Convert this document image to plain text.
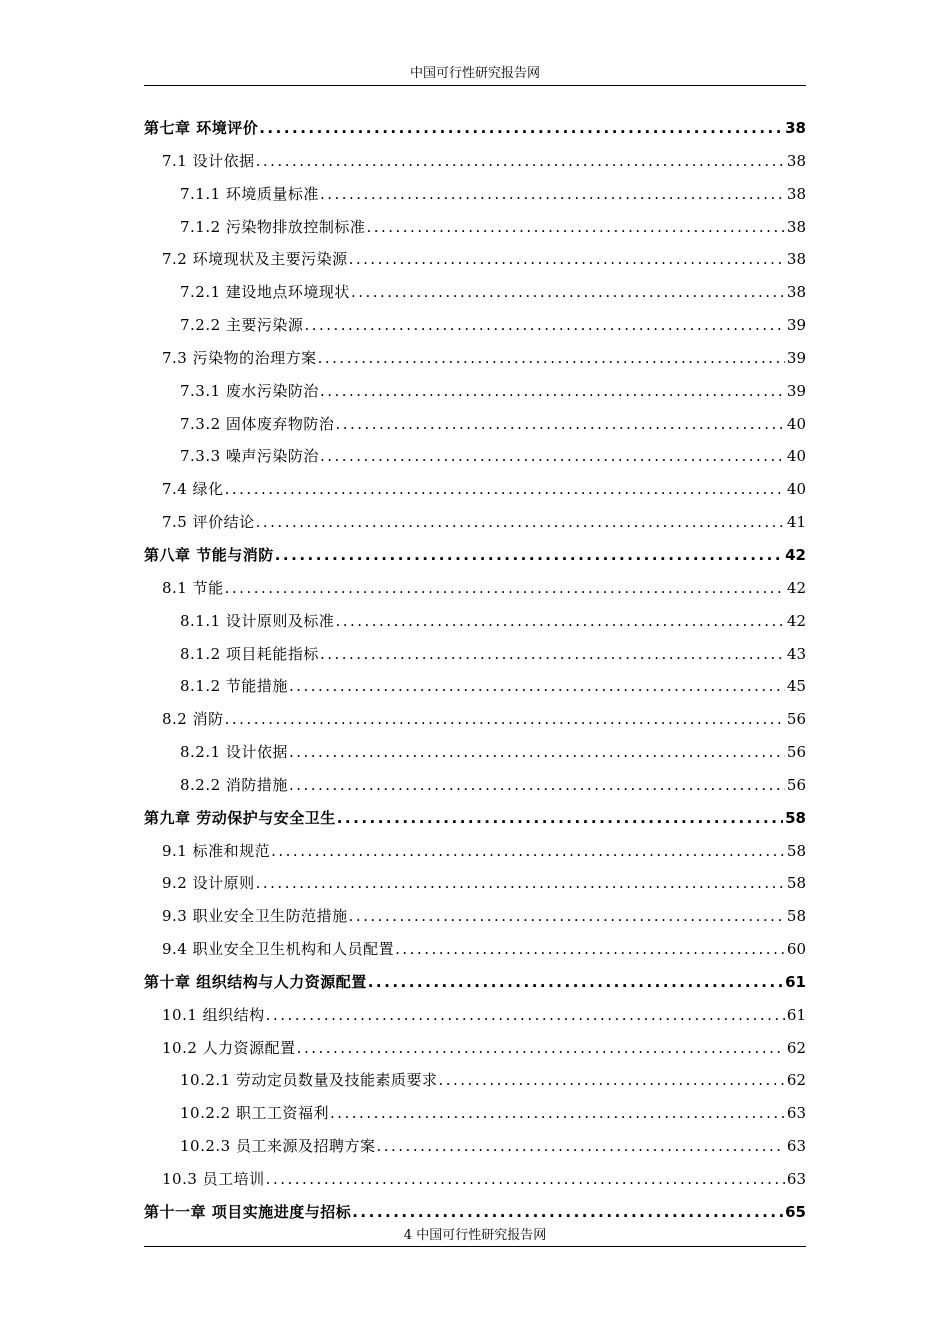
中国可行性研究报告网
第七章 环境评价 .....	38
7.1 设计依据 .....	38
7.1.1 环境质量标准 .....	38
7.1.2 污染物排放控制标准 .....	38
7.2 环境现状及主要污染源 .....	38
7.2.1 建设地点环境现状 .....	38
7.2.2 主要污染源 .....	39
7.3 污染物的治理方案 .....	39
7.3.1 废水污染防治 .....	39
7.3.2 固体废弃物防治 .....	40
7.3.3 噪声污染防治 .....	40
7.4 绿化 .....	40
7.5 评价结论 .....	41
第八章 节能与消防 .....	42
8.1 节能 .....	42
8.1.1 设计原则及标准 .....	42
8.1.2 项目耗能指标 .....	43
8.1.2 节能措施 .....	45
8.2 消防 .....	56
8.2.1 设计依据 .....	56
8.2.2 消防措施 .....	56
第九章 劳动保护与安全卫生 .....	58
9.1 标准和规范 .....	58
9.2 设计原则 .....	58
9.3 职业安全卫生防范措施 .....	58
9.4 职业安全卫生机构和人员配置 .....	60
第十章 组织结构与人力资源配置 .....	61
10.1 组织结构 .....	61
10.2 人力资源配置 .....	62
10.2.1 劳动定员数量及技能素质要求 .....	62
10.2.2 职工工资福利 .....	63
10.2.3 员工来源及招聘方案 .....	63
10.3 员工培训 .....	63
第十一章 项目实施进度与招标 .....	65
4 中国可行性研究报告网
